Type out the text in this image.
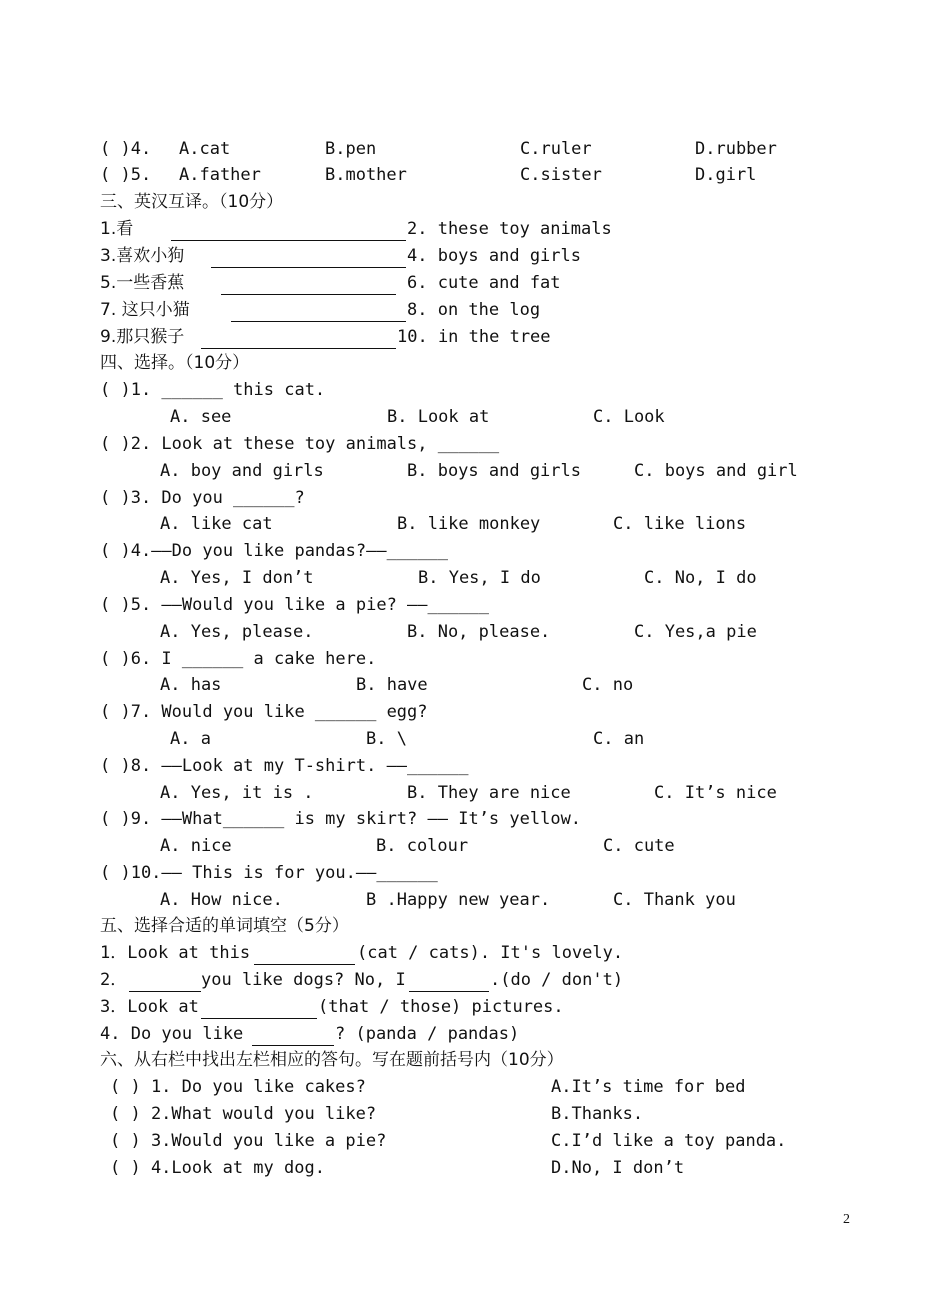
( )4. A.cat	B.pen	C.ruler	D.rubber
( )5. A.father	B.mother	C.sister	D.girl
三、英汉互译。（10分）
1.看	2. these toy animals
3.喜欢小狗	4. boys and girls
5.一些香蕉	6. cute and fat
7. 这只小猫	8. on the log
9.那只猴子	10. in the tree
四、选择。（10分）
( )1. ______ this cat.
A. see	B. Look at	C. Look
( )2. Look at these toy animals, ______
A. boy and girls	B. boys and girls	C. boys and girl
( )3. Do you ______?
A. like cat	B. like monkey	C. like lions
( )4.——Do you like pandas?——______
A. Yes, I don’t	B. Yes, I do	C. No, I do
( )5. ——Would you like a pie? ——______
A. Yes, please.	B. No, please.	C. Yes,a pie
( )6. I ______ a cake here.
A. has	B. have	C. no
( )7. Would you like ______ egg?
A. a	B. \	C. an
( )8. ——Look at my T-shirt. ——______
A. Yes, it is .	B. They are nice	C. It’s nice
( )9. ——What______ is my skirt? —— It’s yellow.
A. nice	B. colour	C. cute
( )10.—— This is for you.——______
A. How nice.	B .Happy new year.	C. Thank you
五、选择合适的单词填空（5分）
1．Look at this	(cat / cats). It's lovely.
2．	you like dogs? No, I	.(do / don't)
3．Look at	(that / those) pictures.
4. Do you like	? (panda / pandas)
六、从右栏中找出左栏相应的答句。写在题前括号内（10分）
( ) 1. Do you like cakes?	A.It’s time for bed
( ) 2.What would you like?	B.Thanks.
( ) 3.Would you like a pie?	C.I’d like a toy panda.
( ) 4.Look at my dog.	D.No, I don’t
2
